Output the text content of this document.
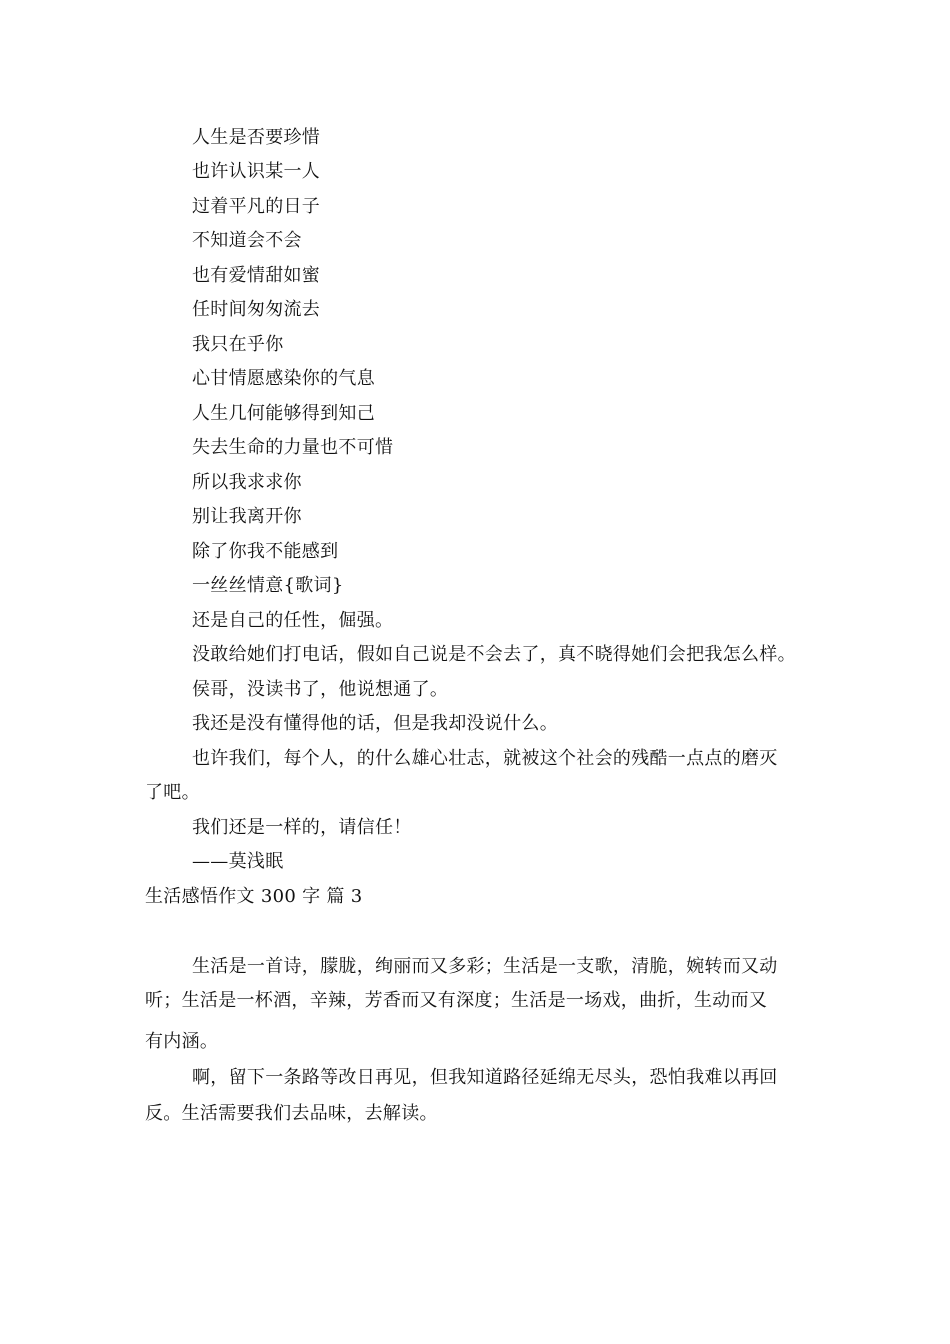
人生是否要珍惜
也许认识某一人
过着平凡的日子
不知道会不会
也有爱情甜如蜜
任时间匆匆流去
我只在乎你
心甘情愿感染你的气息
人生几何能够得到知己
失去生命的力量也不可惜
所以我求求你
别让我离开你
除了你我不能感到
一丝丝情意{歌词}
还是自己的任性，倔强。
没敢给她们打电话，假如自己说是不会去了，真不晓得她们会把我怎么样。
侯哥，没读书了，他说想通了。
我还是没有懂得他的话，但是我却没说什么。
也许我们，每个人，的什么雄心壮志，就被这个社会的残酷一点点的磨灭
了吧。
我们还是一样的，请信任！
——莫浅眠
生活感悟作文 300 字 篇 3
生活是一首诗，朦胧，绚丽而又多彩；生活是一支歌，清脆，婉转而又动
听；生活是一杯酒，辛辣，芳香而又有深度；生活是一场戏，曲折，生动而又
有内涵。
啊，留下一条路等改日再见，但我知道路径延绵无尽头，恐怕我难以再回
反。生活需要我们去品味，去解读。
